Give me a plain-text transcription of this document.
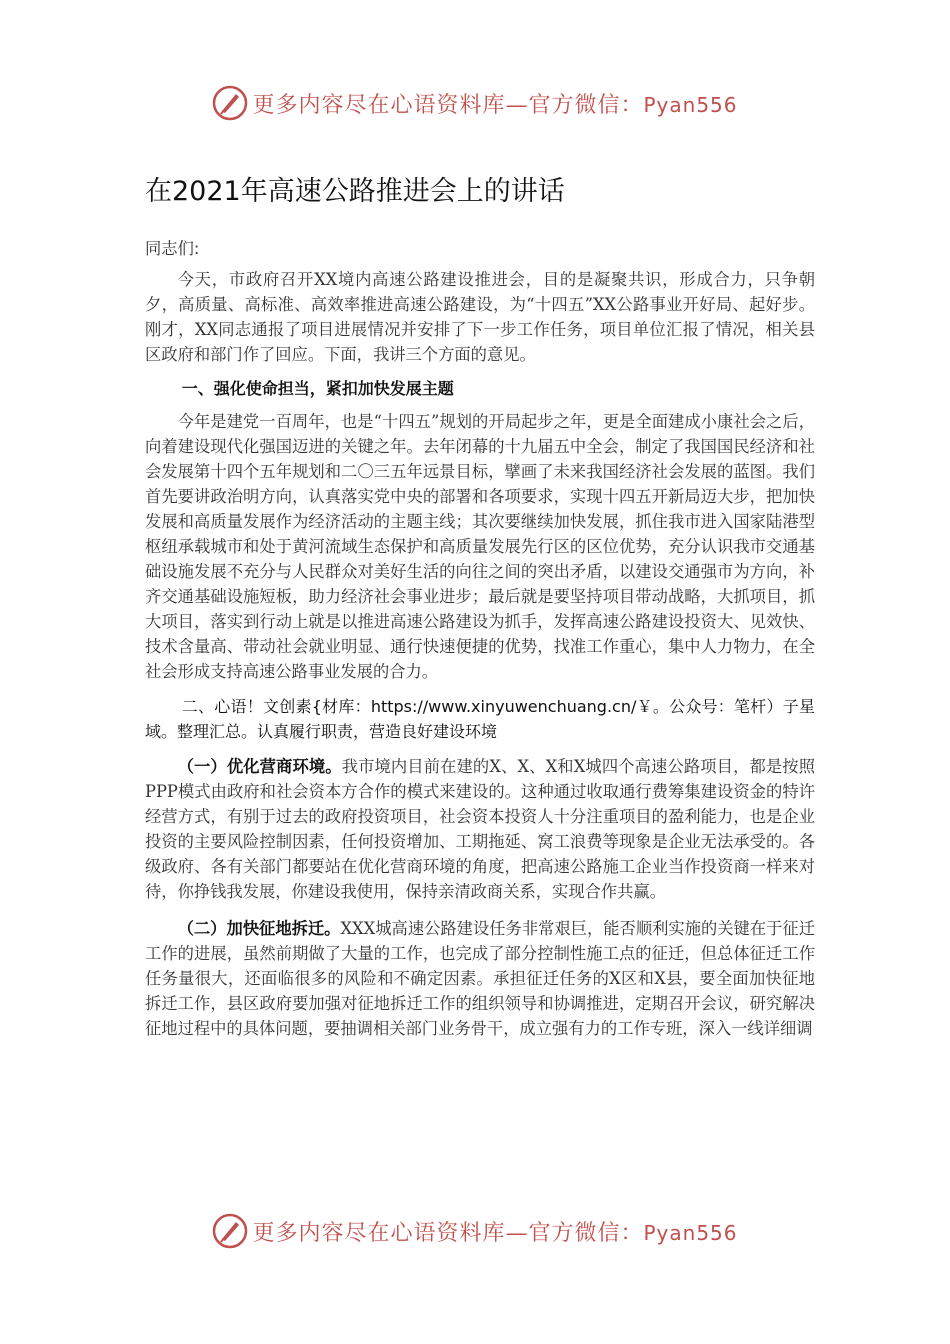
更多内容尽在心语资料库—官方微信：Pyan556
在2021年高速公路推进会上的讲话

同志们:

今天，市政府召开XX境内高速公路建设推进会，目的是凝聚共识，形成合力，只争朝夕，高质量、高标准、高效率推进高速公路建设，为“十四五”XX公路事业开好局、起好步。刚才，XX同志通报了项目进展情况并安排了下一步工作任务，项目单位汇报了情况，相关县区政府和部门作了回应。下面，我讲三个方面的意见。

一、强化使命担当，紧扣加快发展主题

今年是建党一百周年，也是“十四五”规划的开局起步之年，更是全面建成小康社会之后，向着建设现代化强国迈进的关键之年。去年闭幕的十九届五中全会，制定了我国国民经济和社会发展第十四个五年规划和二〇三五年远景目标，擘画了未来我国经济社会发展的蓝图。我们首先要讲政治明方向，认真落实党中央的部署和各项要求，实现十四五开新局迈大步，把加快发展和高质量发展作为经济活动的主题主线；其次要继续加快发展，抓住我市进入国家陆港型枢纽承载城市和处于黄河流域生态保护和高质量发展先行区的区位优势，充分认识我市交通基础设施发展不充分与人民群众对美好生活的向往之间的突出矛盾，以建设交通强市为方向，补齐交通基础设施短板，助力经济社会事业进步；最后就是要坚持项目带动战略，大抓项目，抓大项目，落实到行动上就是以推进高速公路建设为抓手，发挥高速公路建设投资大、见效快、技术含量高、带动社会就业明显、通行快速便捷的优势，找准工作重心，集中人力物力，在全社会形成支持高速公路事业发展的合力。

二、心语！文创素{材库：https://www.xinyuwenchuang.cn/￥。公众号：笔杆）子星域。整理汇总。认真履行职责，营造良好建设环境

（一）优化营商环境。我市境内目前在建的X、X、X和X城四个高速公路项目，都是按照PPP模式由政府和社会资本方合作的模式来建设的。这种通过收取通行费筹集建设资金的特许经营方式，有别于过去的政府投资项目，社会资本投资人十分注重项目的盈利能力，也是企业投资的主要风险控制因素，任何投资增加、工期拖延、窝工浪费等现象是企业无法承受的。各级政府、各有关部门都要站在优化营商环境的角度，把高速公路施工企业当作投资商一样来对待，你挣钱我发展，你建设我使用，保持亲清政商关系，实现合作共赢。

（二）加快征地拆迁。XXX城高速公路建设任务非常艰巨，能否顺利实施的关键在于征迁工作的进展，虽然前期做了大量的工作，也完成了部分控制性施工点的征迁，但总体征迁工作任务量很大，还面临很多的风险和不确定因素。承担征迁任务的X区和X县，要全面加快征地拆迁工作，县区政府要加强对征地拆迁工作的组织领导和协调推进，定期召开会议，研究解决征地过程中的具体问题，要抽调相关部门业务骨干，成立强有力的工作专班，深入一线详细调

更多内容尽在心语资料库—官方微信：Pyan556
